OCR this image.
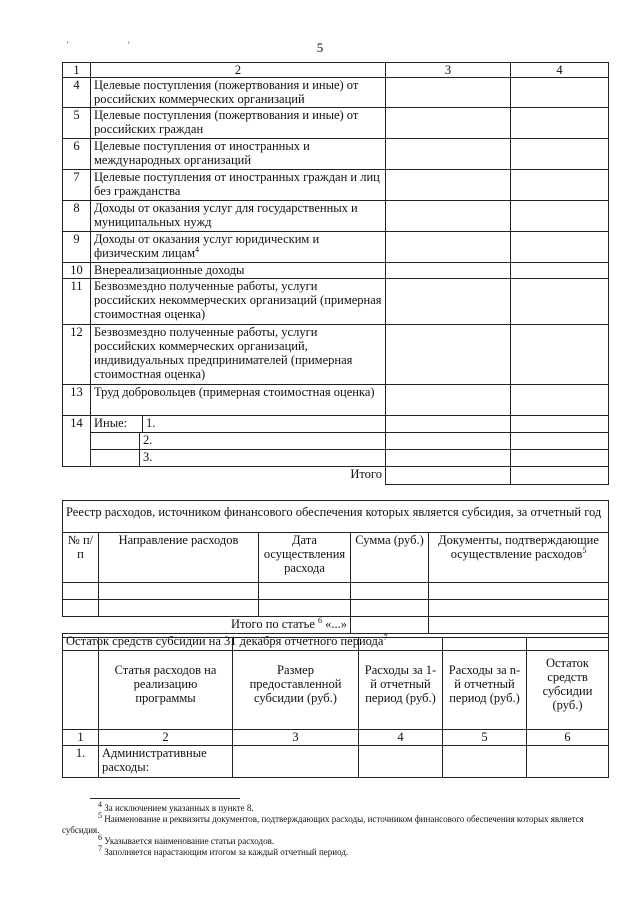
5
ʼ ʼ
1	2	3	4
4	Целевые поступления (пожертвования и иные) от российских коммерческих организаций		
5	Целевые поступления (пожертвования и иные) от российских граждан		
6	Целевые поступления от иностранных и международных организаций		
7	Целевые поступления от иностранных граждан и лиц без гражданства		
8	Доходы от оказания услуг для государственных и муниципальных нужд		
9	Доходы от оказания услуг юридическим и физическим лицам$^4$		
10	Внереализационные доходы		
11	Безвозмездно полученные работы, услуги российских некоммерческих организаций (примерная стоимостная оценка)		
12	Безвозмездно полученные работы, услуги российских коммерческих организаций, индивидуальных предпринимателей (примерная стоимостная оценка)		
13	Труд добровольцев (примерная стоимостная оценка)		
14	Иные: 1.		

	2.		

	3.		

	Итого		
Реестр расходов, источником финансового обеспечения которых является субсидия, за отчетный год				
№ п/п	Направление расходов	Дата осуществления расхода	Сумма (руб.)	Документы, подтверждающие осуществление расходов$^5$

Итого по статье $^6$ «...»				
Остаток средств субсидии на 31 декабря отчетного периода$^7$
	Статья расходов на реализацию программы	Размер предоставленной субсидии (руб.)	Расходы за 1-й отчетный период (руб.)	Расходы за n-й отчетный период (руб.)	Остаток средств субсидии (руб.)
1	2	3	4	5	6
1.	Административные расходы:				

$^4$ За исключением указанных в пункте 8.

$^5$ Наименование и реквизиты документов, подтверждающих расходы, источником финансового обеспечения которых является субсидия.

$^6$ Указывается наименование статьи расходов.

$^7$ Заполняется нарастающим итогом за каждый отчетный период.
